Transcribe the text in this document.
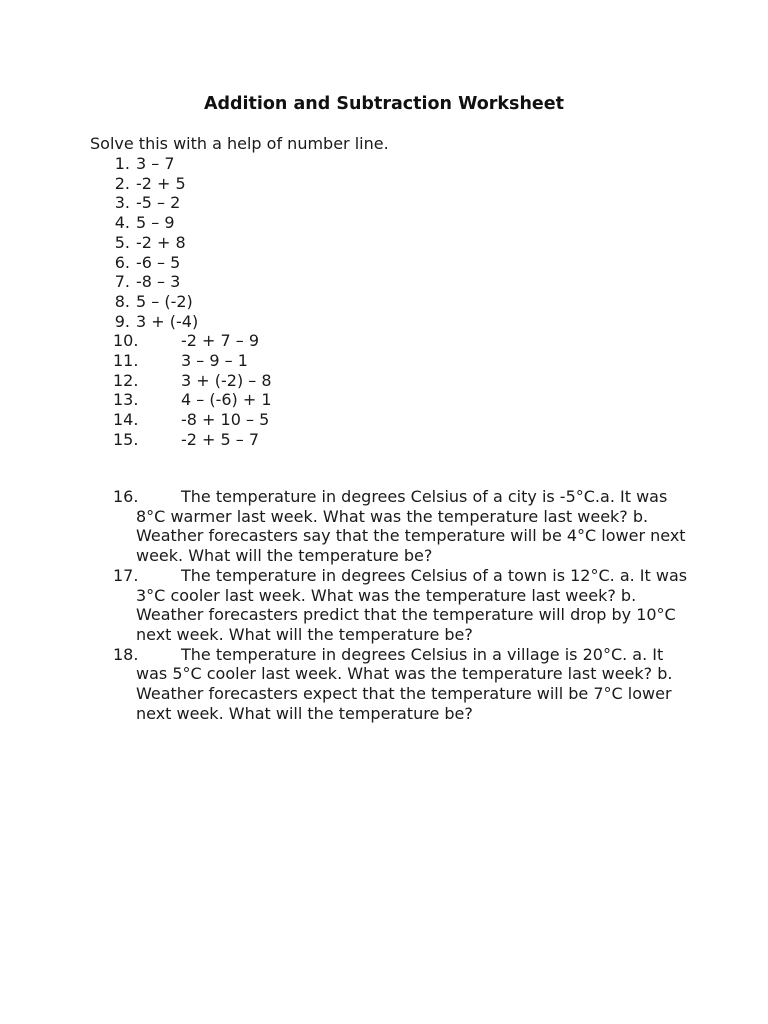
Addition and Subtraction Worksheet

Solve this with a help of number line.

1. 3 – 7
2. -2 + 5
3. -5 – 2
4. 5 – 9
5. -2 + 8
6. -6 – 5
7. -8 – 3
8. 5 – (-2)
9. 3 + (-4)
10.	-2 + 7 – 9
11.	3 – 9 – 1
12.	3 + (-2) – 8
13.	4 – (-6) + 1
14.	-8 + 10 – 5
15.	-2 + 5 – 7
16.	The temperature in degrees Celsius of a city is -5°C.a. It was 8°C warmer last week. What was the temperature last week? b. Weather forecasters say that the temperature will be 4°C lower next week. What will the temperature be?
17.	The temperature in degrees Celsius of a town is 12°C. a. It was 3°C cooler last week. What was the temperature last week? b. Weather forecasters predict that the temperature will drop by 10°C next week. What will the temperature be?
18.	The temperature in degrees Celsius in a village is 20°C. a. It was 5°C cooler last week. What was the temperature last week? b. Weather forecasters expect that the temperature will be 7°C lower next week. What will the temperature be?
